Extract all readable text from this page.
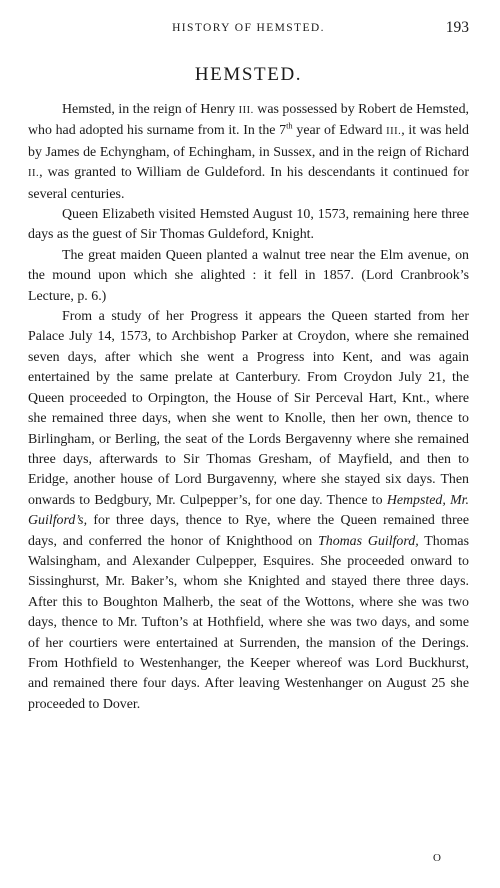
HISTORY OF HEMSTED.	193
HEMSTED.

Hemsted, in the reign of Henry III. was possessed by Robert de Hemsted, who had adopted his surname from it. In the 7th year of Edward III., it was held by James de Echyngham, of Echingham, in Sussex, and in the reign of Richard II., was granted to William de Guldeford. In his descendants it continued for several centuries.

Queen Elizabeth visited Hemsted August 10, 1573, remaining here three days as the guest of Sir Thomas Guldeford, Knight.

The great maiden Queen planted a walnut tree near the Elm avenue, on the mound upon which she alighted : it fell in 1857. (Lord Cranbrook’s Lecture, p. 6.)

From a study of her Progress it appears the Queen started from her Palace July 14, 1573, to Archbishop Parker at Croydon, where she remained seven days, after which she went a Progress into Kent, and was again entertained by the same prelate at Canterbury. From Croydon July 21, the Queen proceeded to Orpington, the House of Sir Perceval Hart, Knt., where she remained three days, when she went to Knolle, then her own, thence to Birlingham, or Berling, the seat of the Lords Bergavenny where she remained three days, afterwards to Sir Thomas Gresham, of Mayfield, and then to Eridge, another house of Lord Burgavenny, where she stayed six days. Then onwards to Bedgbury, Mr. Culpepper’s, for one day. Thence to Hempsted, Mr. Guilford’s, for three days, thence to Rye, where the Queen remained three days, and conferred the honor of Knighthood on Thomas Guilford, Thomas Walsingham, and Alexander Culpepper, Esquires. She proceeded onward to Sissinghurst, Mr. Baker’s, whom she Knighted and stayed there three days. After this to Boughton Malherb, the seat of the Wottons, where she was two days, thence to Mr. Tufton’s at Hothfield, where she was two days, and some of her courtiers were entertained at Surrenden, the mansion of the Derings. From Hothfield to Westenhanger, the Keeper whereof was Lord Buckhurst, and remained there four days. After leaving Westenhanger on August 25 she proceeded to Dover.

O
